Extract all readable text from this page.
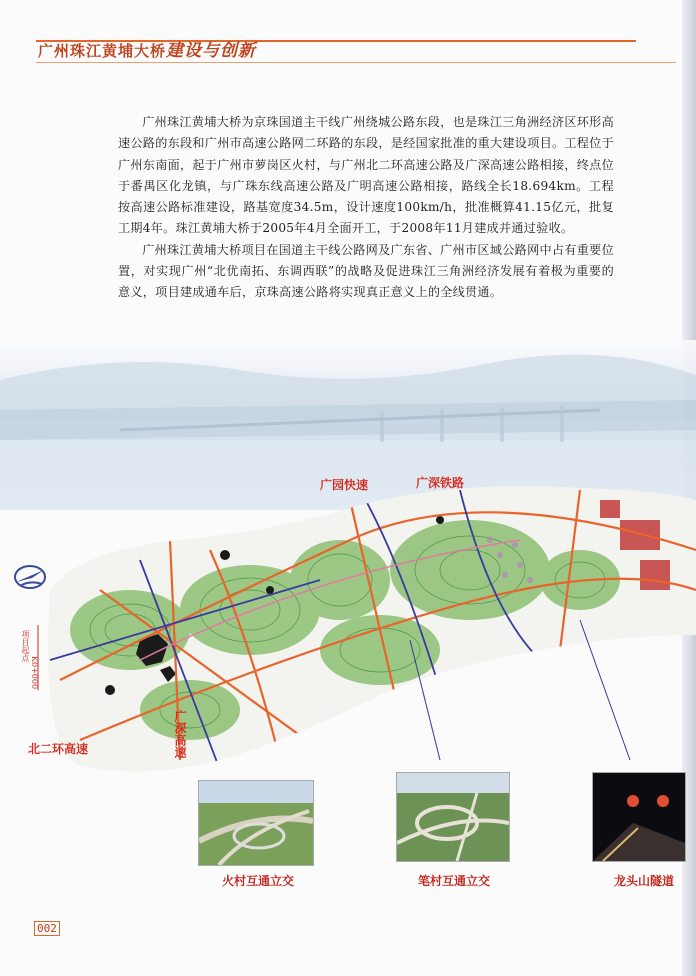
广州珠江黄埔大桥建设与创新

广州珠江黄埔大桥为京珠国道主干线广州绕城公路东段，也是珠江三角洲经济区环形高速公路的东段和广州市高速公路网二环路的东段，是经国家批准的重大建设项目。工程位于广州东南面，起于广州市萝岗区火村，与广州北二环高速公路及广深高速公路相接，终点位于番禺区化龙镇，与广珠东线高速公路及广明高速公路相接，路线全长18.694km。工程按高速公路标准建设，路基宽度34.5m，设计速度100km/h，批准概算41.15亿元，批复工期4年。珠江黄埔大桥于2005年4月全面开工，于2008年11月建成并通过验收。

广州珠江黄埔大桥项目在国道主干线公路网及广东省、广州市区域公路网中占有重要位置，对实现广州“北优南拓、东调西联”的战略及促进珠江三角洲经济发展有着极为重要的意义，项目建成通车后，京珠高速公路将实现真正意义上的全线贯通。

广园快速	广深铁路
北二环高速	广深高速
项目起点
K0+000
火村互通立交	笔村互通立交	龙头山隧道
002
